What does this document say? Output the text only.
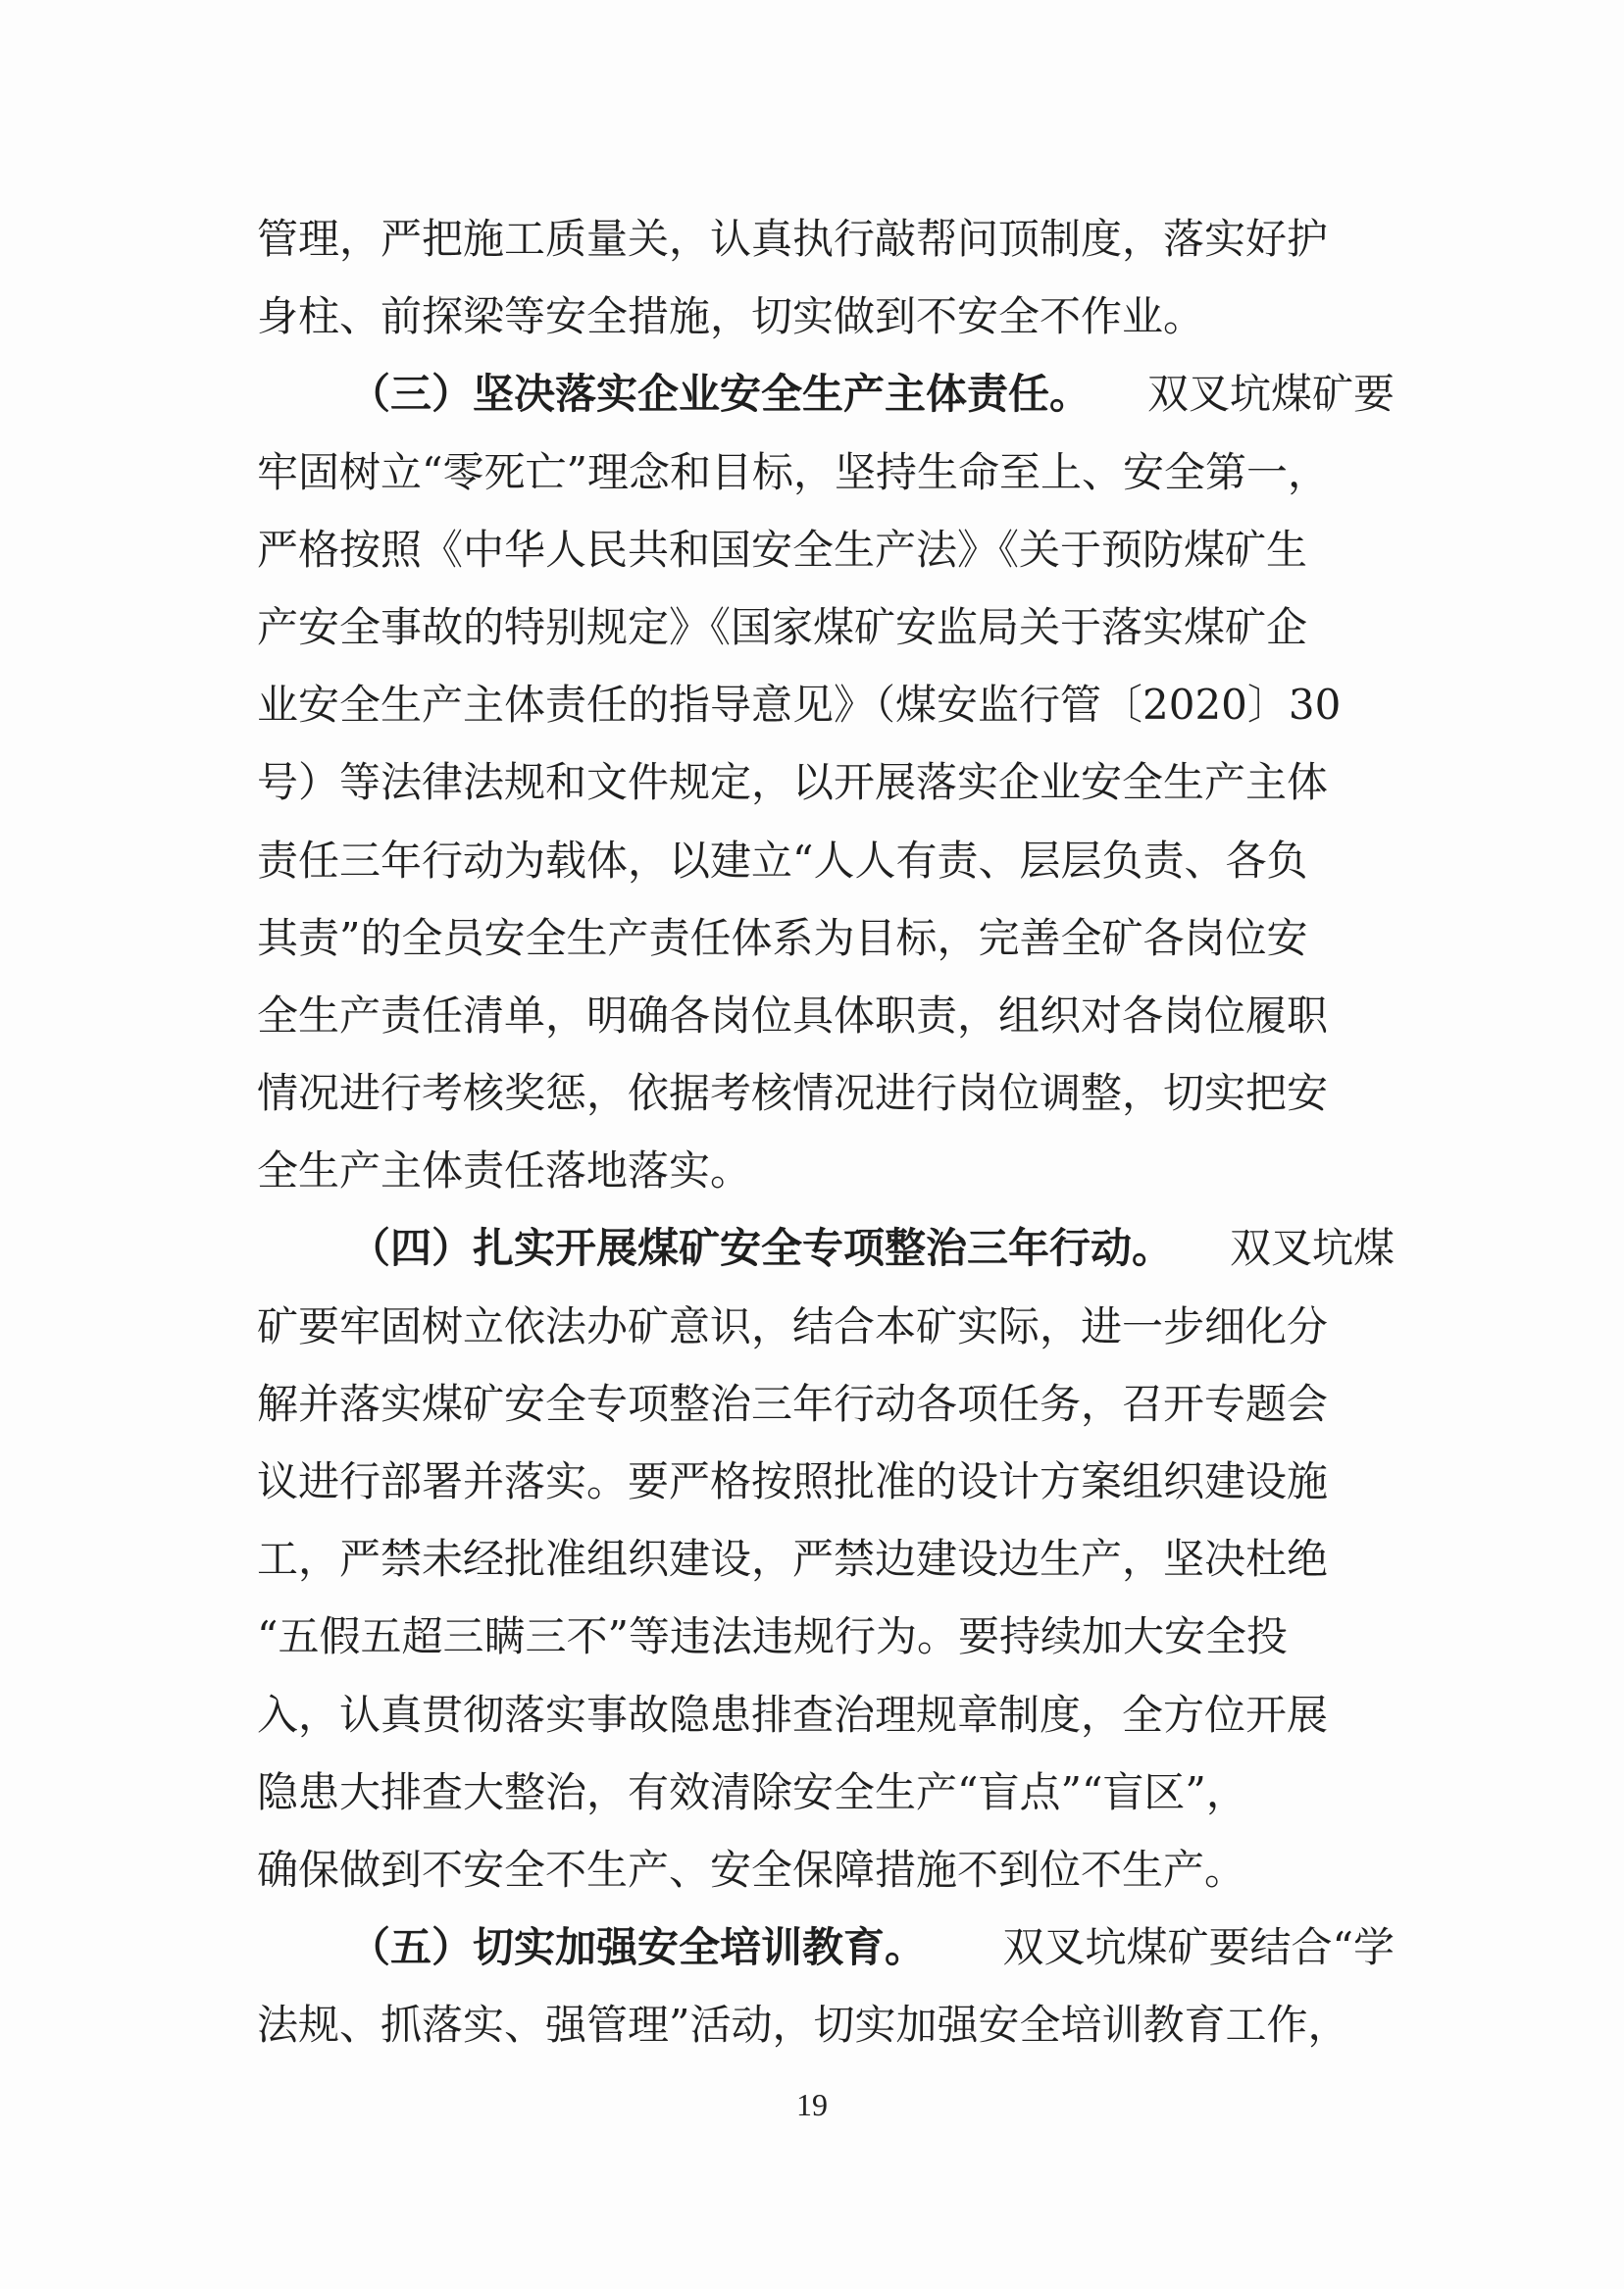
管理，严把施工质量关，认真执行敲帮问顶制度，落实好护
身柱、前探梁等安全措施，切实做到不安全不作业。
（三）坚决落实企业安全生产主体责任。 双叉坑煤矿要
牢固树立“零死亡”理念和目标，坚持生命至上、安全第一，
严格按照《中华人民共和国安全生产法》《关于预防煤矿生
产安全事故的特别规定》《国家煤矿安监局关于落实煤矿企
业安全生产主体责任的指导意见》（煤安监行管〔2020〕30
号）等法律法规和文件规定，以开展落实企业安全生产主体
责任三年行动为载体，以建立“人人有责、层层负责、各负
其责”的全员安全生产责任体系为目标，完善全矿各岗位安
全生产责任清单，明确各岗位具体职责，组织对各岗位履职
情况进行考核奖惩，依据考核情况进行岗位调整，切实把安
全生产主体责任落地落实。
（四）扎实开展煤矿安全专项整治三年行动。 双叉坑煤
矿要牢固树立依法办矿意识，结合本矿实际，进一步细化分
解并落实煤矿安全专项整治三年行动各项任务，召开专题会
议进行部署并落实。要严格按照批准的设计方案组织建设施
工，严禁未经批准组织建设，严禁边建设边生产，坚决杜绝
“五假五超三瞒三不”等违法违规行为。要持续加大安全投
入，认真贯彻落实事故隐患排查治理规章制度，全方位开展
隐患大排查大整治，有效清除安全生产“盲点”“盲区”，
确保做到不安全不生产、安全保障措施不到位不生产。
（五）切实加强安全培训教育。 双叉坑煤矿要结合“学
法规、抓落实、强管理”活动，切实加强安全培训教育工作，
19
